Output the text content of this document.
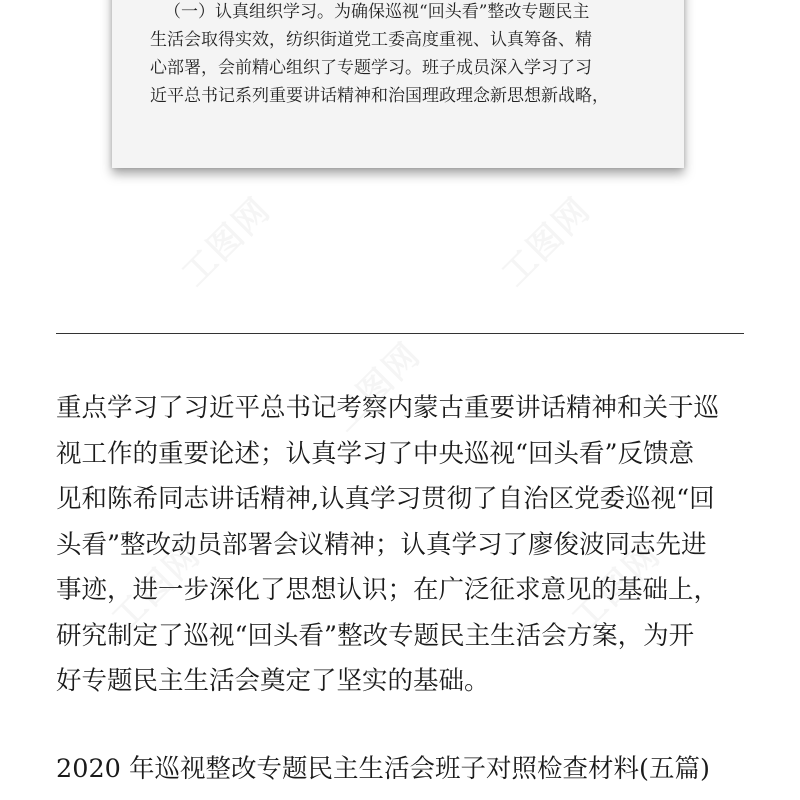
（一）认真组织学习。为确保巡视“回头看”整改专题民主
生活会取得实效，纺织街道党工委高度重视、认真筹备、精
心部署，会前精心组织了专题学习。班子成员深入学习了习
近平总书记系列重要讲话精神和治国理政理念新思想新战略，
重点学习了习近平总书记考察内蒙古重要讲话精神和关于巡
视工作的重要论述；认真学习了中央巡视“回头看”反馈意
见和陈希同志讲话精神,认真学习贯彻了自治区党委巡视“回
头看”整改动员部署会议精神；认真学习了廖俊波同志先进
事迹，进一步深化了思想认识；在广泛征求意见的基础上，
研究制定了巡视“回头看”整改专题民主生活会方案，为开
好专题民主生活会奠定了坚实的基础。
2020 年巡视整改专题民主生活会班子对照检查材料(五篇)
